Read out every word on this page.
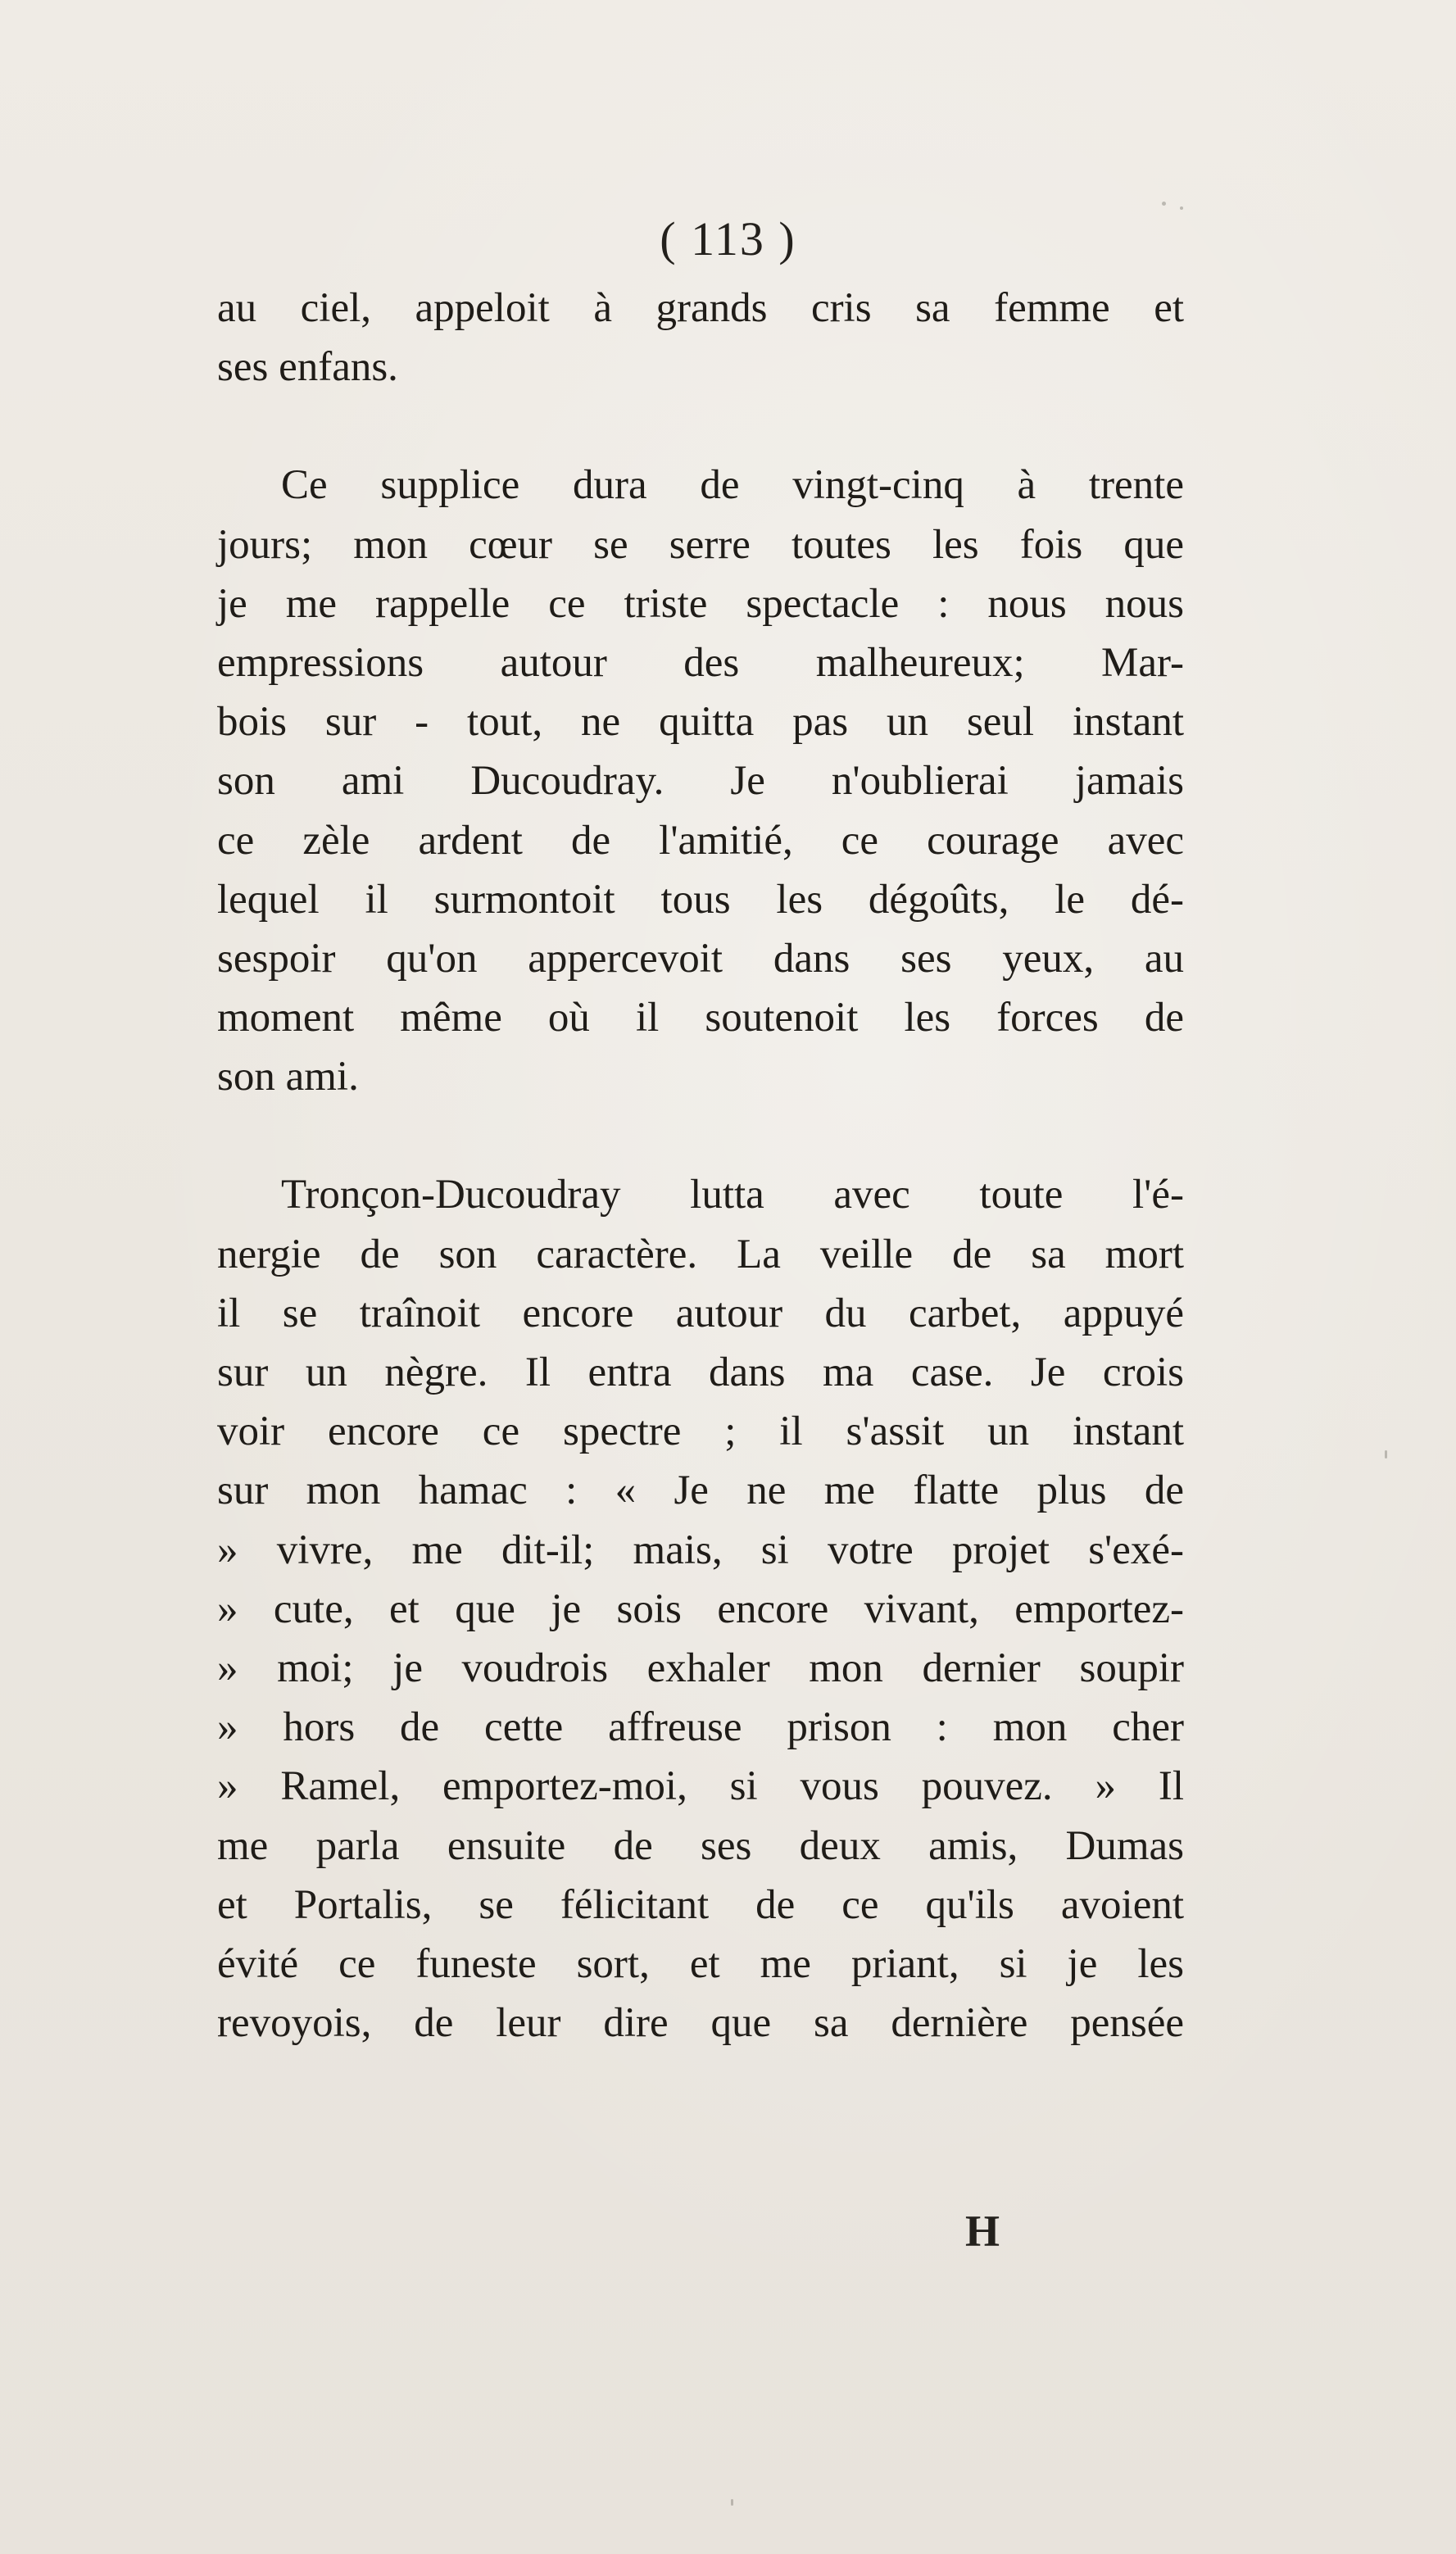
( 113 )
au ciel, appeloit à grands cris sa femme et
ses enfans.
Ce supplice dura de vingt-cinq à trente
jours; mon cœur se serre toutes les fois que
je me rappelle ce triste spectacle : nous nous
empressions autour des malheureux; Mar-
bois sur - tout, ne quitta pas un seul instant
son ami Ducoudray. Je n'oublierai jamais
ce zèle ardent de l'amitié, ce courage avec
lequel il surmontoit tous les dégoûts, le dé-
sespoir qu'on appercevoit dans ses yeux, au
moment même où il soutenoit les forces de
son ami.
Tronçon-Ducoudray lutta avec toute l'é-
nergie de son caractère. La veille de sa mort
il se traînoit encore autour du carbet, appuyé
sur un nègre. Il entra dans ma case. Je crois
voir encore ce spectre ; il s'assit un instant
sur mon hamac : « Je ne me flatte plus de
» vivre, me dit-il; mais, si votre projet s'exé-
» cute, et que je sois encore vivant, emportez-
» moi; je voudrois exhaler mon dernier soupir
» hors de cette affreuse prison : mon cher
» Ramel, emportez-moi, si vous pouvez. » Il
me parla ensuite de ses deux amis, Dumas
et Portalis, se félicitant de ce qu'ils avoient
évité ce funeste sort, et me priant, si je les
revoyois, de leur dire que sa dernière pensée
H
